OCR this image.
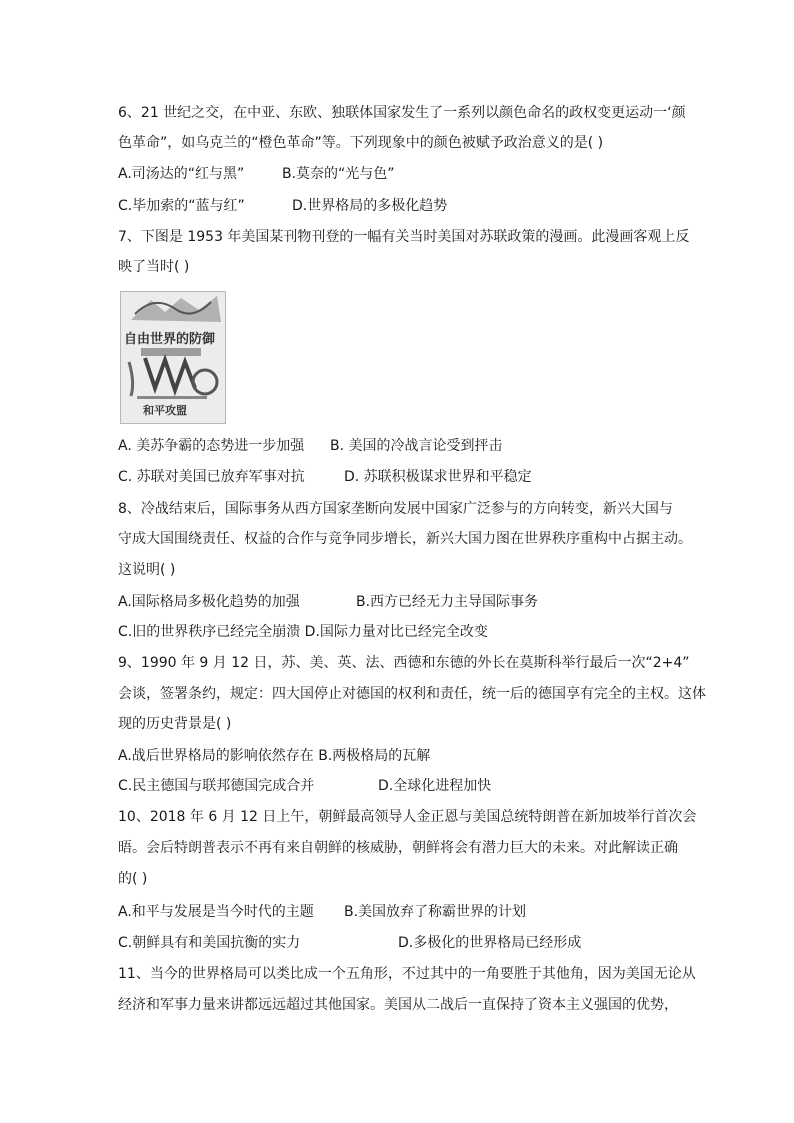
6、21 世纪之交，在中亚、东欧、独联体国家发生了一系列以颜色命名的政权变更运动一‘颜
色革命”，如乌克兰的“橙色革命”等。下列现象中的颜色被赋予政治意义的是( )
A.司汤达的“红与黑”	B.莫奈的“光与色”
C.毕加索的“蓝与红”	D.世界格局的多极化趋势
7、下图是 1953 年美国某刊物刊登的一幅有关当时美国对苏联政策的漫画。此漫画客观上反
映了当时( )
自由世界的防御
和平攻盟
A. 美苏争霸的态势进一步加强 B. 美国的冷战言论受到抨击
C. 苏联对美国已放弃军事对抗	D. 苏联积极谋求世界和平稳定
8、冷战结束后，国际事务从西方国家垄断向发展中国家广泛参与的方向转变，新兴大国与
守成大国围绕责任、权益的合作与竞争同步增长，新兴大国力图在世界秩序重构中占据主动。
这说明( )
A.国际格局多极化趋势的加强	B.西方已经无力主导国际事务
C.旧的世界秩序已经完全崩溃 D.国际力量对比已经完全改变
9、1990 年 9 月 12 日，苏、美、英、法、西德和东德的外长在莫斯科举行最后一次“2+4”
会谈，签署条约，规定：四大国停止对德国的权利和责任，统一后的德国享有完全的主权。这体
现的历史背景是( )
A.战后世界格局的影响依然存在 B.两极格局的瓦解
C.民主德国与联邦德国完成合并	D.全球化进程加快
10、2018 年 6 月 12 日上午，朝鲜最高领导人金正恩与美国总统特朗普在新加坡举行首次会
晤。会后特朗普表示不再有来自朝鲜的核威胁，朝鲜将会有潜力巨大的未来。对此解读正确
的( )
A.和平与发展是当今时代的主题 B.美国放弃了称霸世界的计划
C.朝鲜具有和美国抗衡的实力	D.多极化的世界格局已经形成
11、当今的世界格局可以类比成一个五角形，不过其中的一角要胜于其他角，因为美国无论从
经济和军事力量来讲都远远超过其他国家。美国从二战后一直保持了资本主义强国的优势，
